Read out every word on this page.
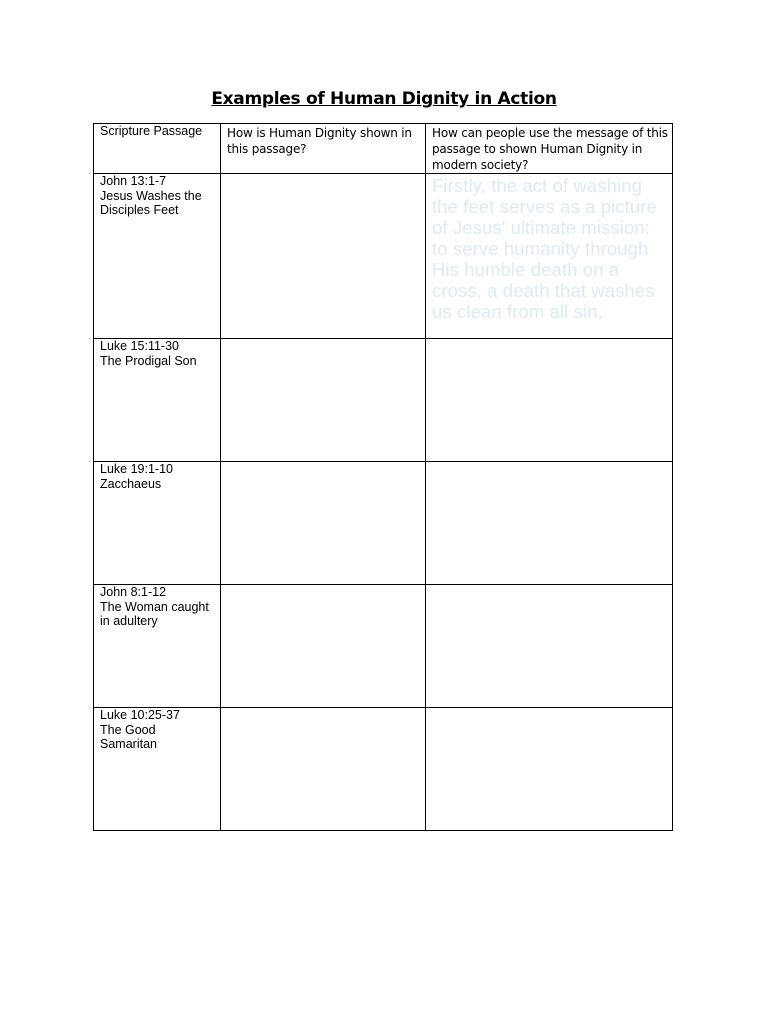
Examples of Human Dignity in Action
Scripture Passage	How is Human Dignity shown in this passage?	How can people use the message of this passage to shown Human Dignity in modern society?

John 13:1-7
Jesus Washes the Disciples Feet		Firstly, the act of washing the feet serves as a picture of Jesus' ultimate mission: to serve humanity through His humble death on a cross, a death that washes us clean from all sin.

Luke 15:11-30
The Prodigal Son		

Luke 19:1-10
Zacchaeus		

John 8:1-12
The Woman caught in adultery		

Luke 10:25-37
The Good Samaritan		
